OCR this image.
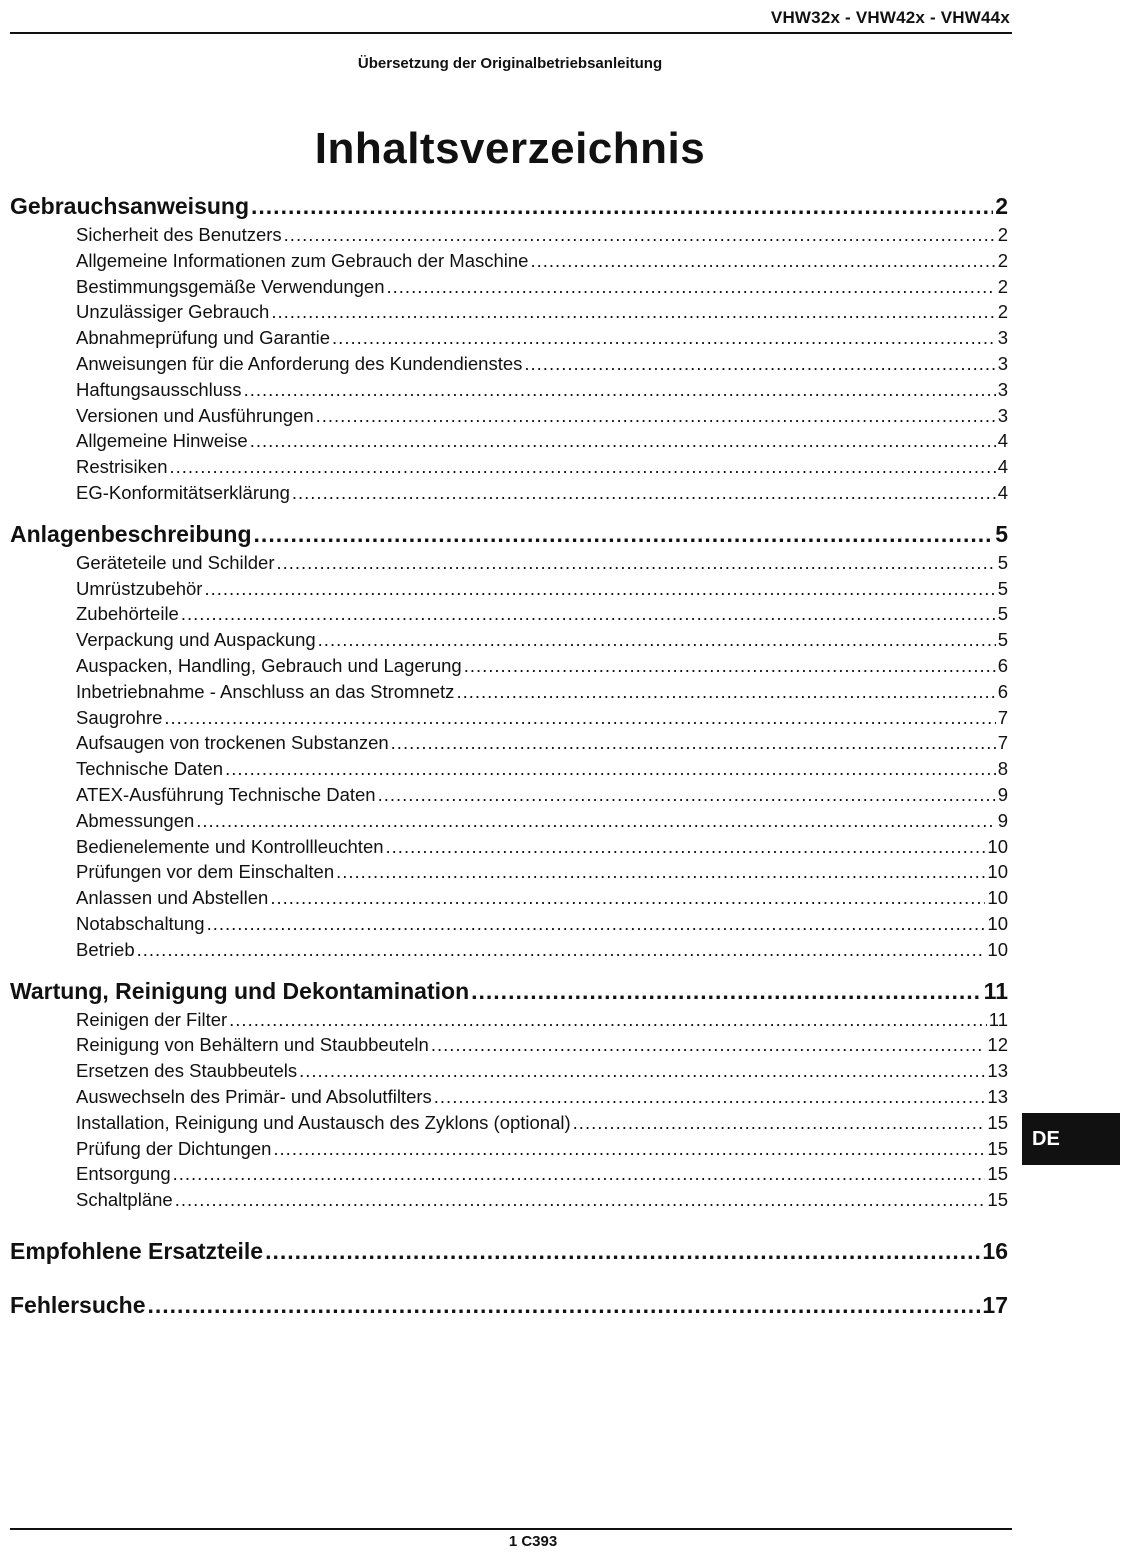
VHW32x - VHW42x - VHW44x
Übersetzung der Originalbetriebsanleitung
Inhaltsverzeichnis
Gebrauchsanweisung .....	2
Sicherheit des Benutzers .....	2
Allgemeine Informationen zum Gebrauch der Maschine .....	2
Bestimmungsgemäße Verwendungen .....	2
Unzulässiger Gebrauch .....	2
Abnahmeprüfung und Garantie .....	3
Anweisungen für die Anforderung des Kundendienstes .....	3
Haftungsausschluss .....	3
Versionen und Ausführungen .....	3
Allgemeine Hinweise .....	4
Restrisiken .....	4
EG-Konformitätserklärung .....	4
Anlagenbeschreibung .....	5
Geräteteile und Schilder .....	5
Umrüstzubehör .....	5
Zubehörteile .....	5
Verpackung und Auspackung .....	5
Auspacken, Handling, Gebrauch und Lagerung .....	6
Inbetriebnahme - Anschluss an das Stromnetz .....	6
Saugrohre .....	7
Aufsaugen von trockenen Substanzen .....	7
Technische Daten .....	8
ATEX-Ausführung Technische Daten .....	9
Abmessungen .....	9
Bedienelemente und Kontrollleuchten .....	10
Prüfungen vor dem Einschalten .....	10
Anlassen und Abstellen .....	10
Notabschaltung .....	10
Betrieb .....	10
Wartung, Reinigung und Dekontamination .....	11
Reinigen der Filter .....	11
Reinigung von Behältern und Staubbeuteln .....	12
Ersetzen des Staubbeutels .....	13
Auswechseln des Primär- und Absolutfilters .....	13
Installation, Reinigung und Austausch des Zyklons (optional) .....	15
Prüfung der Dichtungen .....	15
Entsorgung .....	15
Schaltpläne .....	15
Empfohlene Ersatzteile .....	16
Fehlersuche .....	17
DE
1 C393
